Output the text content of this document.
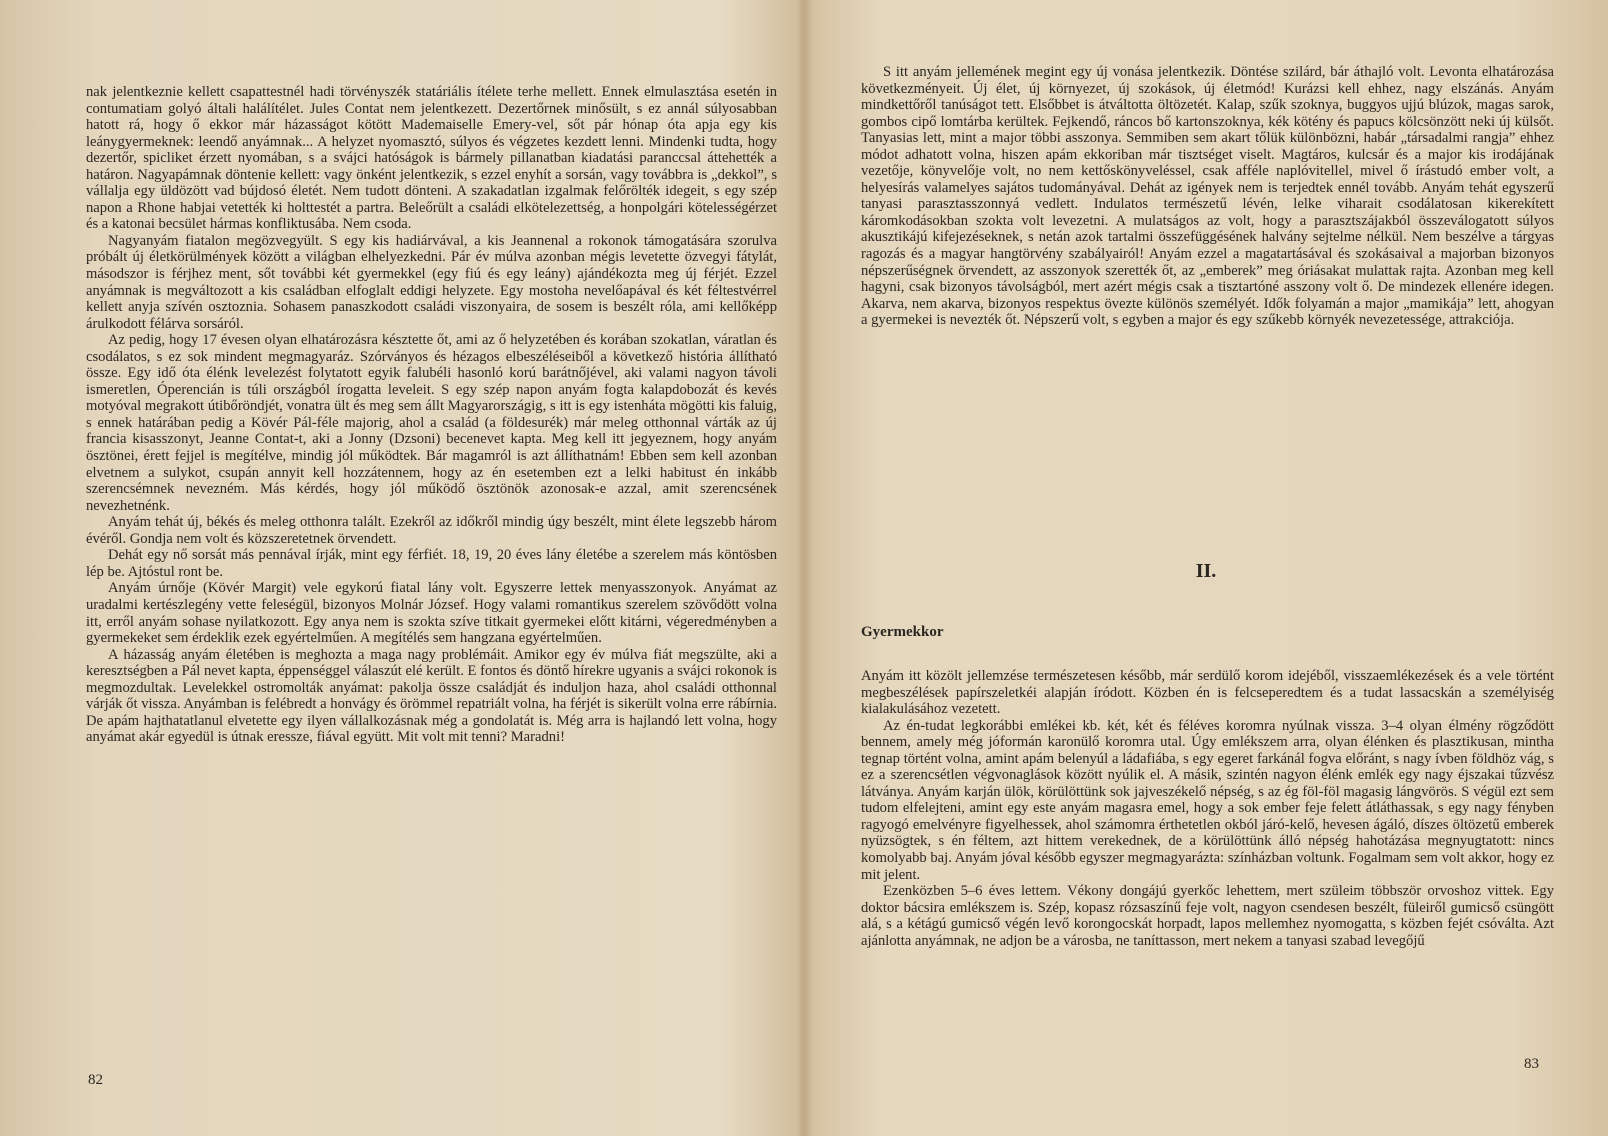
nak jelentkeznie kellett csapattestnél hadi törvényszék statáriális ítélete terhe mellett. Ennek elmulasztása esetén in contumatiam golyó általi halálítélet. Jules Contat nem jelentkezett. Dezertőrnek minősült, s ez annál súlyosabban hatott rá, hogy ő ekkor már házasságot kötött Mademaiselle Emery-vel, sőt pár hónap óta apja egy kis leánygyermeknek: leendő anyámnak... A helyzet nyomasztó, súlyos és végzetes kezdett lenni. Mindenki tudta, hogy dezertőr, spicliket érzett nyomában, s a svájci hatóságok is bármely pillanatban kiadatási paranccsal áttehették a határon. Nagyapámnak döntenie kellett: vagy önként jelentkezik, s ezzel enyhít a sorsán, vagy továbbra is „dekkol”, s vállalja egy üldözött vad bújdosó életét. Nem tudott dönteni. A szakadatlan izgalmak felőrölték idegeit, s egy szép napon a Rhone habjai vetették ki holttestét a partra. Beleőrült a családi elkötelezettség, a honpolgári kötelességérzet és a katonai becsület hármas konfliktusába. Nem csoda.

Nagyanyám fiatalon megözvegyült. S egy kis hadiárvával, a kis Jeannenal a rokonok támogatására szorulva próbált új életkörülmények között a világban elhelyezkedni. Pár év múlva azonban mégis levetette özvegyi fátylát, másodszor is férjhez ment, sőt további két gyermekkel (egy fiú és egy leány) ajándékozta meg új férjét. Ezzel anyámnak is megváltozott a kis családban elfoglalt eddigi helyzete. Egy mostoha nevelőapával és két féltestvérrel kellett anyja szívén osztoznia. Sohasem panaszkodott családi viszonyaira, de sosem is beszélt róla, ami kellőképp árulkodott félárva sorsáról.

Az pedig, hogy 17 évesen olyan elhatározásra késztette őt, ami az ő helyzetében és korában szokatlan, váratlan és csodálatos, s ez sok mindent megmagyaráz. Szórványos és hézagos elbeszéléseiből a következő história állítható össze. Egy idő óta élénk levelezést folytatott egyik falubéli hasonló korú barátnőjével, aki valami nagyon távoli ismeretlen, Óperencián is túli országból írogatta leveleit. S egy szép napon anyám fogta kalapdobozát és kevés motyóval megrakott útibőröndjét, vonatra ült és meg sem állt Magyarországig, s itt is egy istenháta mögötti kis faluig, s ennek határában pedig a Kövér Pál-féle majorig, ahol a család (a földesurék) már meleg otthonnal várták az új francia kisasszonyt, Jeanne Contat-t, aki a Jonny (Dzsoni) becenevet kapta. Meg kell itt jegyeznem, hogy anyám ösztönei, érett fejjel is megítélve, mindig jól működtek. Bár magamról is azt állíthatnám! Ebben sem kell azonban elvetnem a sulykot, csupán annyit kell hozzátennem, hogy az én esetemben ezt a lelki habitust én inkább szerencsémnek nevezném. Más kérdés, hogy jól működő ösztönök azonosak-e azzal, amit szerencsének nevezhetnénk.

Anyám tehát új, békés és meleg otthonra talált. Ezekről az időkről mindig úgy beszélt, mint élete legszebb három évéről. Gondja nem volt és közszeretetnek örvendett.

Dehát egy nő sorsát más pennával írják, mint egy férfiét. 18, 19, 20 éves lány életébe a szerelem más köntösben lép be. Ajtóstul ront be.

Anyám úrnője (Kövér Margit) vele egykorú fiatal lány volt. Egyszerre lettek menyasszonyok. Anyámat az uradalmi kertészlegény vette feleségül, bizonyos Molnár József. Hogy valami romantikus szerelem szövődött volna itt, erről anyám sohase nyilatkozott. Egy anya nem is szokta szíve titkait gyermekei előtt kitárni, végeredményben a gyermekeket sem érdeklik ezek egyértelműen. A megítélés sem hangzana egyértelműen.

A házasság anyám életében is meghozta a maga nagy problémáit. Amikor egy év múlva fiát megszülte, aki a keresztségben a Pál nevet kapta, éppenséggel válaszút elé került. E fontos és döntő hírekre ugyanis a svájci rokonok is megmozdultak. Levelekkel ostromolták anyámat: pakolja össze családját és induljon haza, ahol családi otthonnal várják őt vissza. Anyámban is felébredt a honvágy és örömmel repatriált volna, ha férjét is sikerült volna erre rábírnia. De apám hajthatatlanul elvetette egy ilyen vállalkozásnak még a gondolatát is. Még arra is hajlandó lett volna, hogy anyámat akár egyedül is útnak eressze, fiával együtt. Mit volt mit tenni? Maradni!

82

S itt anyám jellemének megint egy új vonása jelentkezik. Döntése szilárd, bár áthajló volt. Levonta elhatározása következményeit. Új élet, új környezet, új szokások, új életmód! Kurázsi kell ehhez, nagy elszánás. Anyám mindkettőről tanúságot tett. Elsőbbet is átváltotta öltözetét. Kalap, szűk szoknya, buggyos ujjú blúzok, magas sarok, gombos cipő lomtárba kerültek. Fejkendő, ráncos bő kartonszoknya, kék kötény és papucs kölcsönzött neki új külsőt. Tanyasias lett, mint a major többi asszonya. Semmiben sem akart tőlük különbözni, habár „társadalmi rangja” ehhez módot adhatott volna, hiszen apám ekkoriban már tisztséget viselt. Magtáros, kulcsár és a major kis irodájának vezetője, könyvelője volt, no nem kettőskönyveléssel, csak afféle naplóvitellel, mivel ő írástudó ember volt, a helyesírás valamelyes sajátos tudományával. Dehát az igények nem is terjedtek ennél tovább. Anyám tehát egyszerű tanyasi parasztasszonnyá vedlett. Indulatos természetű lévén, lelke viharait csodálatosan kikerekített káromkodásokban szokta volt levezetni. A mulatságos az volt, hogy a parasztszájakból összeválogatott súlyos akusztikájú kifejezéseknek, s netán azok tartalmi összefüggésének halvány sejtelme nélkül. Nem beszélve a tárgyas ragozás és a magyar hangtörvény szabályairól! Anyám ezzel a magatartásával és szokásaival a majorban bizonyos népszerűségnek örvendett, az asszonyok szerették őt, az „emberek” meg óriásakat mulattak rajta. Azonban meg kell hagyni, csak bizonyos távolságból, mert azért mégis csak a tisztartóné asszony volt ő. De mindezek ellenére idegen. Akarva, nem akarva, bizonyos respektus övezte különös személyét. Idők folyamán a major „mamikája” lett, ahogyan a gyermekei is nevezték őt. Népszerű volt, s egyben a major és egy szűkebb környék nevezetessége, attrakciója.

II.
Gyermekkor

Anyám itt közölt jellemzése természetesen később, már serdülő korom idejéből, visszaemlékezések és a vele történt megbeszélések papírszeletkéi alapján íródott. Közben én is felcseperedtem és a tudat lassacskán a személyiség kialakulásához vezetett.

Az én-tudat legkorábbi emlékei kb. két, két és féléves koromra nyúlnak vissza. 3–4 olyan élmény rögződött bennem, amely még jóformán karonülő koromra utal. Úgy emlékszem arra, olyan élénken és plasztikusan, mintha tegnap történt volna, amint apám belenyúl a ládafiába, s egy egeret farkánál fogva előránt, s nagy ívben földhöz vág, s ez a szerencsétlen végvonaglások között nyúlik el. A másik, szintén nagyon élénk emlék egy nagy éjszakai tűzvész látványa. Anyám karján ülök, körülöttünk sok jajveszékelő népség, s az ég föl-föl magasig lángvörös. S végül ezt sem tudom elfelejteni, amint egy este anyám magasra emel, hogy a sok ember feje felett átláthassak, s egy nagy fényben ragyogó emelvényre figyelhessek, ahol számomra érthetetlen okból járó-kelő, hevesen ágáló, díszes öltözetű emberek nyüzsögtek, s én féltem, azt hittem verekednek, de a körülöttünk álló népség hahotázása megnyugtatott: nincs komolyabb baj. Anyám jóval később egyszer megmagyarázta: színházban voltunk. Fogalmam sem volt akkor, hogy ez mit jelent.

Ezenközben 5–6 éves lettem. Vékony dongájú gyerkőc lehettem, mert szüleim többször orvoshoz vittek. Egy doktor bácsira emlékszem is. Szép, kopasz rózsaszínű feje volt, nagyon csendesen beszélt, füleiről gumicső csüngött alá, s a kétágú gumicső végén levő korongocskát horpadt, lapos mellemhez nyomogatta, s közben fejét csóválta. Azt ajánlotta anyámnak, ne adjon be a városba, ne taníttasson, mert nekem a tanyasi szabad levegőjű

83
